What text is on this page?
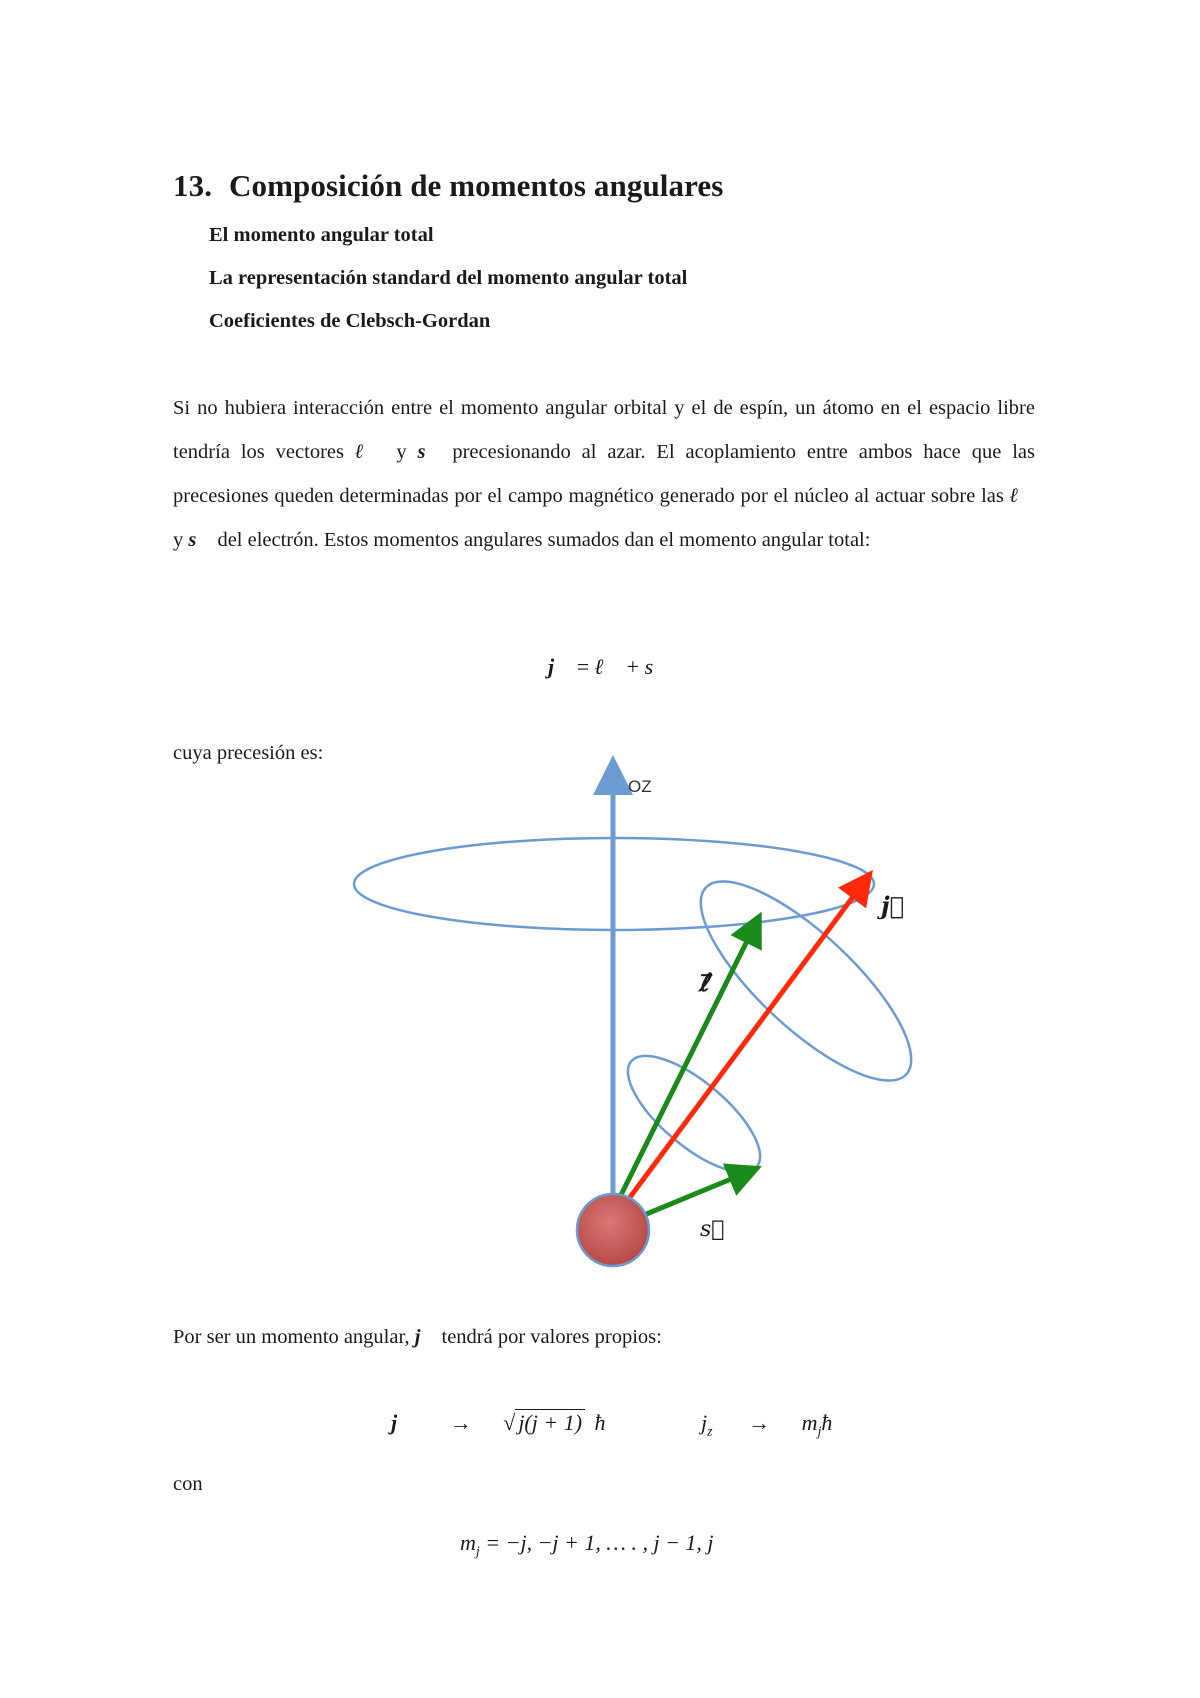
13. Composición de momentos angulares
El momento angular total
La representación standard del momento angular total
Coeficientes de Clebsch-Gordan

Si no hubiera interacción entre el momento angular orbital y el de espín, un átomo en el espacio libre tendría los vectores ℓ⃗ y s⃗ precesionando al azar. El acoplamiento entre ambos hace que las precesiones queden determinadas por el campo magnético generado por el núcleo al actuar sobre las ℓ⃗ y s⃗ del electrón. Estos momentos angulares sumados dan el momento angular total:

j⃗ = ℓ⃗ + s⃗

cuya precesión es:

OZ
j⃗
ℓ⃗
s⃗

Por ser un momento angular, j⃗ tendrá por valores propios:

j⃗ → √ j(j + 1) ħ	$j_z$ → $m_jħ$

con

$m_j = -j$, −j + 1, … . , j − 1, j
